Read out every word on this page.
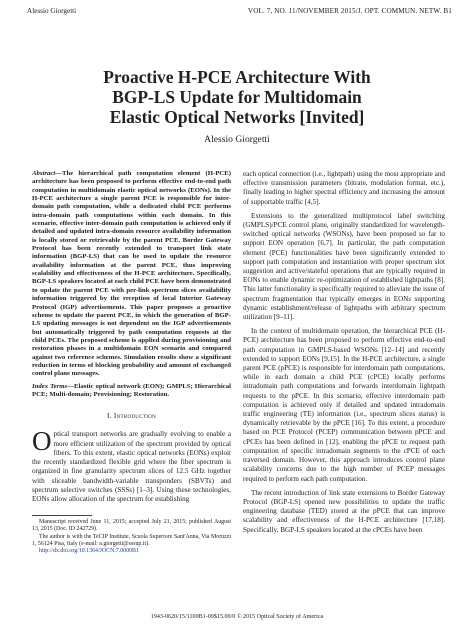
Alessio Giorgetti	VOL. 7, NO. 11/NOVEMBER 2015/J. OPT. COMMUN. NETW. B1
Proactive H-PCE Architecture With
BGP-LS Update for Multidomain
Elastic Optical Networks [Invited]
Alessio Giorgetti

Abstract—The hierarchical path computation element (H-PCE) architecture has been proposed to perform effective end-to-end path computation in multidomain elastic optical networks (EONs). In the H-PCE architecture a single parent PCE is responsible for inter-domain path computation, while a dedicated child PCE performs intra-domain path computations within each domain. In this scenario, effective inter-domain path computation is achieved only if detailed and updated intra-domain resource availability information is locally stored or retrievable by the parent PCE. Border Gateway Protocol has been recently extended to transport link state information (BGP-LS) that can be used to update the resource availability information at the parent PCE, thus improving scalability and effectiveness of the H-PCE architecture. Specifically, BGP-LS speakers located at each child PCE have been demonstrated to update the parent PCE with per-link spectrum slices availability information triggered by the reception of local Interior Gateway Protocol (IGP) advertisements. This paper proposes a proactive scheme to update the parent PCE, in which the generation of BGP-LS updating messages is not dependent on the IGP advertisements but automatically triggered by path computation requests at the child PCEs. The proposed scheme is applied during provisioning and restoration phases in a multidomain EON scenario and compared against two reference schemes. Simulation results show a significant reduction in terms of blocking probability and amount of exchanged control plane messages.

Index Terms—Elastic optical network (EON); GMPLS; Hierarchical PCE; Multi-domain; Provisioning; Restoration.

I. Introduction

Optical transport networks are gradually evolving to enable a more efficient utilization of the spectrum provided by optical fibers. To this extent, elastic optical networks (EONs) exploit the recently standardized flexible grid where the fiber spectrum is organized in fine granularity spectrum slices of 12.5 GHz together with sliceable bandwidth-variable transponders (SBVTs) and spectrum selective switches (SSSs) [1–3]. Using these technologies, EONs allow allocation of the spectrum for establishing

Manuscript received June 11, 2015; accepted July 21, 2015; published August 13, 2015 (Doc. ID 242729).

The author is with the TeCIP Institute, Scuola Superiore Sant'Anna, Via Moruzzi 1, 56124 Pisa, Italy (e-mail: a.giorgetti@sssup.it).

http://dx.doi.org/10.1364/JOCN.7.0000B1

each optical connection (i.e., lightpath) using the most appropriate and effective transmission parameters (bitrate, modulation format, etc.), finally leading to higher spectral efficiency and increasing the amount of supportable traffic [4,5].

Extensions to the generalized multiprotocol label switching (GMPLS)/PCE control plane, originally standardized for wavelength-switched optical networks (WSONs), have been proposed so far to support EON operation [6,7]. In particular, the path computation element (PCE) functionalities have been significantly extended to support path computation and instantiation with proper spectrum slot suggestion and active/stateful operations that are typically required in EONs to enable dynamic re-optimization of established lightpaths [8]. This latter functionality is specifically required to alleviate the issue of spectrum fragmentation that typically emerges in EONs supporting dynamic establishment/release of lightpaths with arbitrary spectrum utilization [9–11].

In the context of multidomain operation, the hierarchical PCE (H-PCE) architecture has been proposed to perform effective end-to-end path computation in GMPLS-based WSONs [12–14] and recently extended to support EONs [9,15]. In the H-PCE architecture, a single parent PCE (pPCE) is responsible for interdomain path computations, while in each domain a child PCE (cPCE) locally performs intradomain path computations and forwards interdomain lightpath requests to the pPCE. In this scenario, effective interdomain path computation is achieved only if detailed and updated intradomain traffic engineering (TE) information (i.e., spectrum slices status) is dynamically retrievable by the pPCE [16]. To this extent, a procedure based on PCE Protocol (PCEP) communication between pPCE and cPCEs has been defined in [12], enabling the pPCE to request path computation of specific intradomain segments to the cPCE of each traversed domain. However, this approach introduces control plane scalability concerns due to the high number of PCEP messages required to perform each path computation.

The recent introduction of link state extensions to Border Gateway Protocol (BGP-LS) opened new possibilities to update the traffic engineering database (TED) stored at the pPCE that can improve scalability and effectiveness of the H-PCE architecture [17,18]. Specifically, BGP-LS speakers located at the cPCEs have been

1943-0620/15/1100B1-09$15.00/0 © 2015 Optical Society of America
